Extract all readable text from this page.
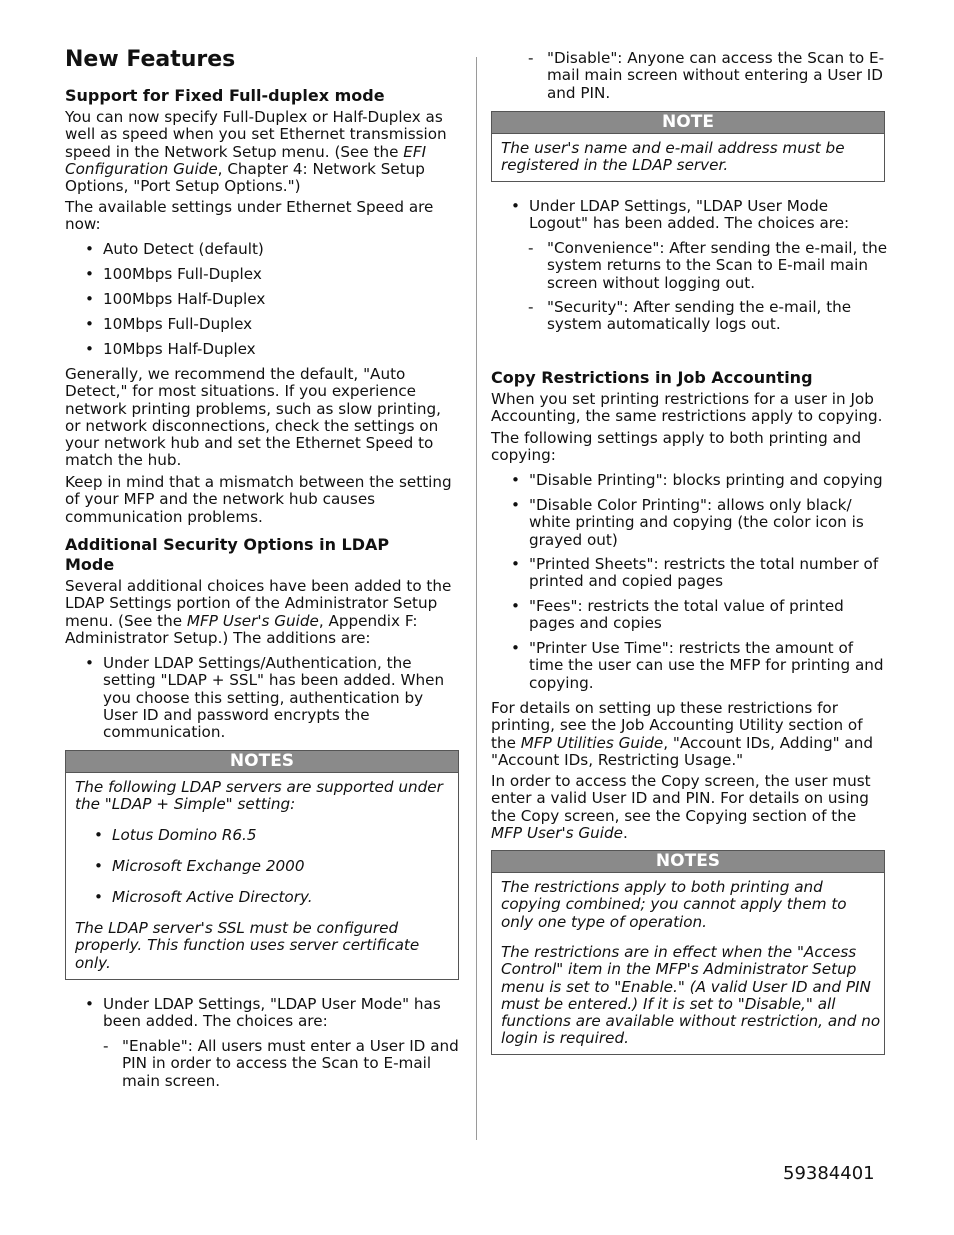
New Features
Support for Fixed Full-duplex mode

You can now specify Full-Duplex or Half-Duplex as well as speed when you set Ethernet transmission speed in the Network Setup menu. (See the EFI Configuration Guide, Chapter 4: Network Setup Options, "Port Setup Options.")

The available settings under Ethernet Speed are now:

• Auto Detect (default)
• 100Mbps Full-Duplex
• 100Mbps Half-Duplex
• 10Mbps Full-Duplex
• 10Mbps Half-Duplex

Generally, we recommend the default, "Auto Detect," for most situations. If you experience network printing problems, such as slow printing, or network disconnections, check the settings on your network hub and set the Ethernet Speed to match the hub.

Keep in mind that a mismatch between the setting of your MFP and the network hub causes communication problems.

Additional Security Options in LDAP Mode

Several additional choices have been added to the LDAP Settings portion of the Administrator Setup menu. (See the MFP User's Guide, Appendix F: Administrator Setup.) The additions are:

• Under LDAP Settings/Authentication, the setting "LDAP + SSL" has been added. When you choose this setting, authentication by User ID and password encrypts the communication.
NOTES
The following LDAP servers are supported under the "LDAP + Simple" setting:
• Lotus Domino R6.5
• Microsoft Exchange 2000
• Microsoft Active Directory.
The LDAP server's SSL must be configured properly. This function uses server certificate only.
• Under LDAP Settings, "LDAP User Mode" has been added. The choices are:
- "Enable": All users must enter a User ID and PIN in order to access the Scan to E-mail main screen.
- "Disable": Anyone can access the Scan to E-mail main screen without entering a User ID and PIN.
NOTE
The user's name and e-mail address must be registered in the LDAP server.
• Under LDAP Settings, "LDAP User Mode Logout" has been added. The choices are:
- "Convenience": After sending the e-mail, the system returns to the Scan to E-mail main screen without logging out.
- "Security": After sending the e-mail, the system automatically logs out.
Copy Restrictions in Job Accounting

When you set printing restrictions for a user in Job Accounting, the same restrictions apply to copying.

The following settings apply to both printing and copying:

• "Disable Printing": blocks printing and copying
• "Disable Color Printing": allows only black/ white printing and copying (the color icon is grayed out)
• "Printed Sheets": restricts the total number of printed and copied pages
• "Fees": restricts the total value of printed pages and copies
• "Printer Use Time": restricts the amount of time the user can use the MFP for printing and copying.

For details on setting up these restrictions for printing, see the Job Accounting Utility section of the MFP Utilities Guide, "Account IDs, Adding" and "Account IDs, Restricting Usage."

In order to access the Copy screen, the user must enter a valid User ID and PIN. For details on using the Copy screen, see the Copying section of the MFP User's Guide.

NOTES
The restrictions apply to both printing and copying combined; you cannot apply them to only one type of operation.
The restrictions are in effect when the "Access Control" item in the MFP's Administrator Setup menu is set to "Enable." (A valid User ID and PIN must be entered.) If it is set to "Disable," all functions are available without restriction, and no login is required.
59384401
